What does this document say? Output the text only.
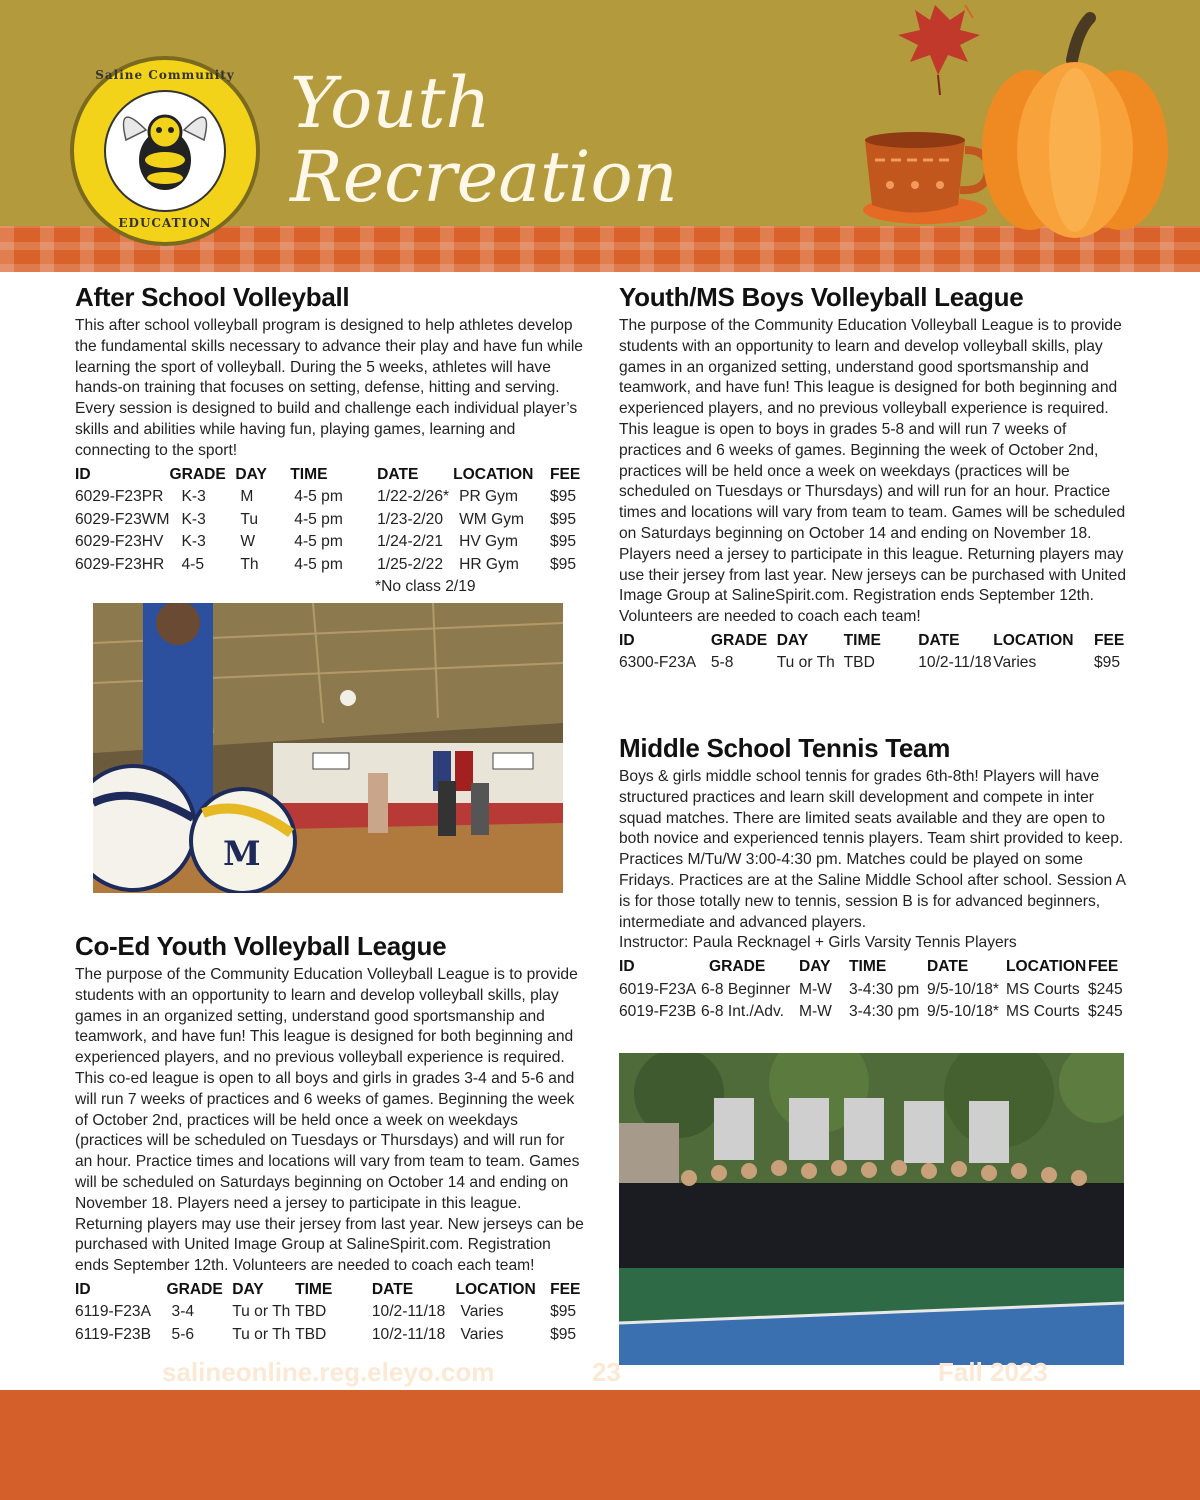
Saline Community
EDUCATION
Youth
Recreation
After School Volleyball

This after school volleyball program is designed to help athletes develop the fundamental skills necessary to advance their play and have fun while learning the sport of volleyball. During the 5 weeks, athletes will have hands-on training that focuses on setting, defense, hitting and serving. Every session is designed to build and challenge each individual player’s skills and abilities while having fun, playing games, learning and connecting to the sport!

ID	GRADE	DAY	TIME	DATE	LOCATION	FEE
6029-F23PR	K-3	M	4-5 pm	1/22-2/26*	PR Gym	$95
6029-F23WM	K-3	Tu	4-5 pm	1/23-2/20	WM Gym	$95
6029-F23HV	K-3	W	4-5 pm	1/24-2/21	HV Gym	$95
6029-F23HR	4-5	Th	4-5 pm	1/25-2/22	HR Gym	$95
*No class 2/19
M
Co-Ed Youth Volleyball League

The purpose of the Community Education Volleyball League is to provide students with an opportunity to learn and develop volleyball skills, play games in an organized setting, understand good sportsmanship and teamwork, and have fun! This league is designed for both beginning and experienced players, and no previous volleyball experience is required. This co-ed league is open to all boys and girls in grades 3-4 and 5-6 and will run 7 weeks of practices and 6 weeks of games. Beginning the week of October 2nd, practices will be held once a week on weekdays (practices will be scheduled on Tuesdays or Thursdays) and will run for an hour. Practice times and locations will vary from team to team. Games will be scheduled on Saturdays beginning on October 14 and ending on November 18. Players need a jersey to participate in this league. Returning players may use their jersey from last year. New jerseys can be purchased with United Image Group at SalineSpirit.com. Registration ends September 12th. Volunteers are needed to coach each team!

ID	GRADE	DAY	TIME	DATE	LOCATION	FEE
6119-F23A	3-4	Tu or Th	TBD	10/2-11/18	Varies	$95
6119-F23B	5-6	Tu or Th	TBD	10/2-11/18	Varies	$95
Youth/MS Boys Volleyball League

The purpose of the Community Education Volleyball League is to provide students with an opportunity to learn and develop volleyball skills, play games in an organized setting, understand good sportsmanship and teamwork, and have fun! This league is designed for both beginning and experienced players, and no previous volleyball experience is required. This league is open to boys in grades 5-8 and will run 7 weeks of practices and 6 weeks of games. Beginning the week of October 2nd, practices will be held once a week on weekdays (practices will be scheduled on Tuesdays or Thursdays) and will run for an hour. Practice times and locations will vary from team to team. Games will be scheduled on Saturdays beginning on October 14 and ending on November 18. Players need a jersey to participate in this league. Returning players may use their jersey from last year. New jerseys can be purchased with United Image Group at SalineSpirit.com. Registration ends September 12th. Volunteers are needed to coach each team!

ID	GRADE	DAY	TIME	DATE	LOCATION	FEE
6300-F23A	5-8	Tu or Th	TBD	10/2-11/18	Varies	$95
Middle School Tennis Team

Boys & girls middle school tennis for grades 6th-8th! Players will have structured practices and learn skill development and compete in inter squad matches. There are limited seats available and they are open to both novice and experienced tennis players. Team shirt provided to keep. Practices M/Tu/W 3:00-4:30 pm. Matches could be played on some Fridays. Practices are at the Saline Middle School after school. Session A is for those totally new to tennis, session B is for advanced beginners, intermediate and advanced players.

Instructor: Paula Recknagel + Girls Varsity Tennis Players

ID	GRADE	DAY	TIME	DATE	LOCATION	FEE
6019-F23A	6-8 Beginner	M-W	3-4:30 pm	9/5-10/18*	MS Courts	$245
6019-F23B	6-8 Int./Adv.	M-W	3-4:30 pm	9/5-10/18*	MS Courts	$245
salineonline.reg.eleyo.com	23	Fall 2023
